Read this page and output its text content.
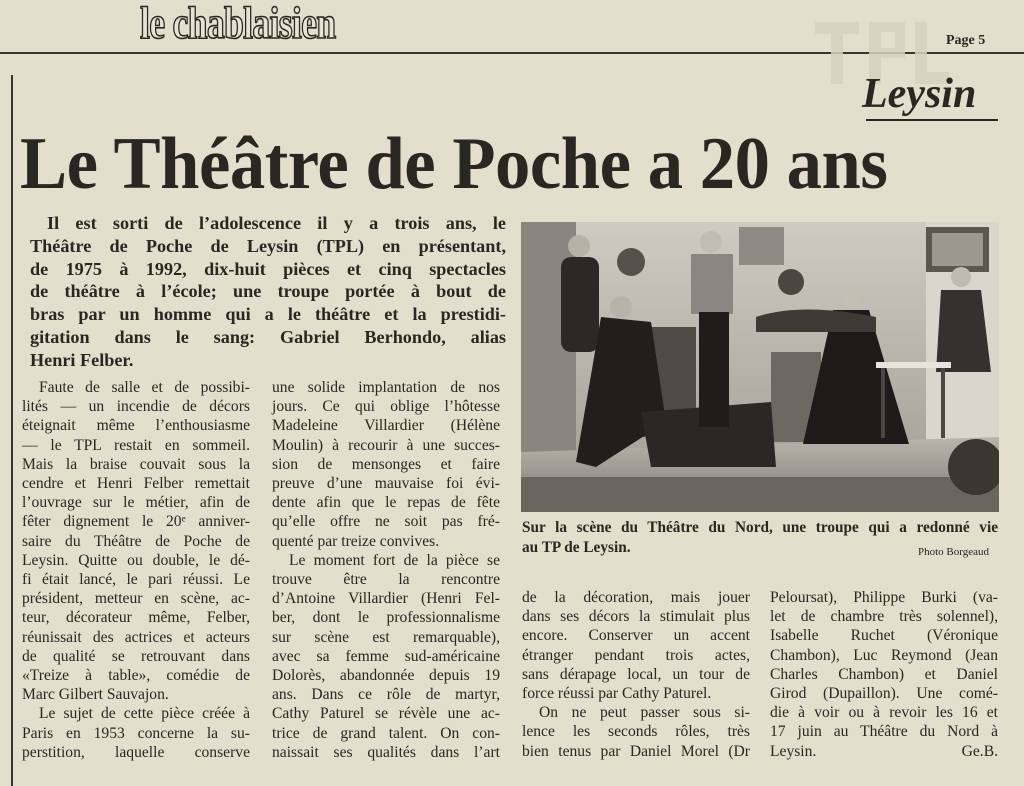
le chablaisien	Page 5
Leysin
Le Théâtre de Poche a 20 ans
Il est sorti de l’adolescence il y a trois ans, le
Théâtre de Poche de Leysin (TPL) en présentant,
de 1975 à 1992, dix-huit pièces et cinq spectacles
de théâtre à l’école; une troupe portée à bout de
bras par un homme qui a le théâtre et la prestidi-
gitation dans le sang: Gabriel Berhondo, alias
Henri Felber.
Sur la scène du Théâtre du Nord, une troupe qui a redonné vie
au TP de Leysin.	Photo Borgeaud
Faute de salle et de possibi-
lités — un incendie de décors
éteignait même l’enthousiasme
— le TPL restait en sommeil.
Mais la braise couvait sous la
cendre et Henri Felber remettait
l’ouvrage sur le métier, afin de
fêter dignement le 20ᵉ anniver-
saire du Théâtre de Poche de
Leysin. Quitte ou double, le dé-
fi était lancé, le pari réussi. Le
président, metteur en scène, ac-
teur, décorateur même, Felber,
réunissait des actrices et acteurs
de qualité se retrouvant dans
«Treize à table», comédie de
Marc Gilbert Sauvajon.
Le sujet de cette pièce créée à
Paris en 1953 concerne la su-
perstition, laquelle conserve
une solide implantation de nos
jours. Ce qui oblige l’hôtesse
Madeleine Villardier (Hélène
Moulin) à recourir à une succes-
sion de mensonges et faire
preuve d’une mauvaise foi évi-
dente afin que le repas de fête
qu’elle offre ne soit pas fré-
quenté par treize convives.
Le moment fort de la pièce se
trouve être la rencontre
d’Antoine Villardier (Henri Fel-
ber, dont le professionnalisme
sur scène est remarquable),
avec sa femme sud-américaine
Dolorès, abandonnée depuis 19
ans. Dans ce rôle de martyr,
Cathy Paturel se révèle une ac-
trice de grand talent. On con-
naissait ses qualités dans l’art
de la décoration, mais jouer
dans ses décors la stimulait plus
encore. Conserver un accent
étranger pendant trois actes,
sans dérapage local, un tour de
force réussi par Cathy Paturel.
On ne peut passer sous si-
lence les seconds rôles, très
bien tenus par Daniel Morel (Dr
Peloursat), Philippe Burki (va-
let de chambre très solennel),
Isabelle Ruchet (Véronique
Chambon), Luc Reymond (Jean
Charles Chambon) et Daniel
Girod (Dupaillon). Une comé-
die à voir ou à revoir les 16 et
17 juin au Théâtre du Nord à
Leysin. Ge.B.
